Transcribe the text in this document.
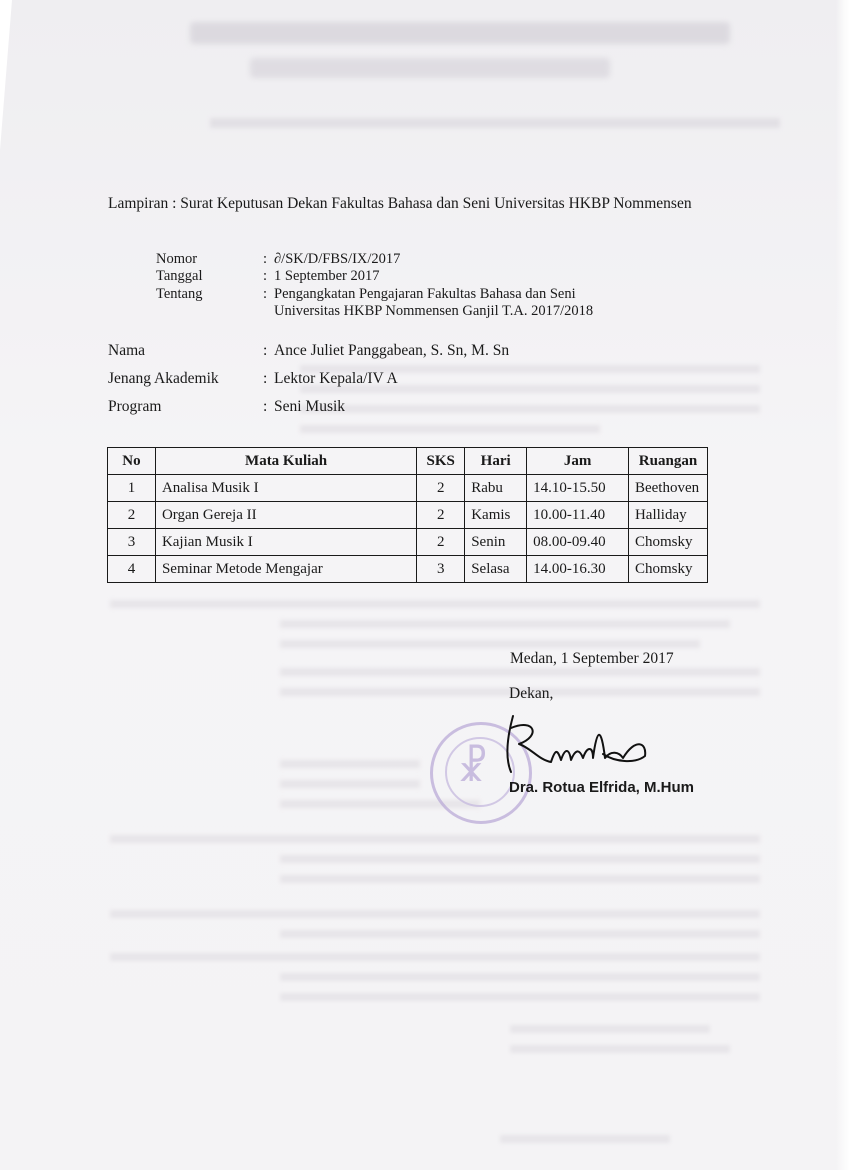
Lampiran : Surat Keputusan Dekan Fakultas Bahasa dan Seni Universitas HKBP Nommensen
Nomor	: ∂/SK/D/FBS/IX/2017
Tanggal	: 1 September 2017
Tentang	: Pengangkatan Pengajaran Fakultas Bahasa dan Seni
Universitas HKBP Nommensen Ganjil T.A. 2017/2018
Nama	: Ance Juliet Panggabean, S. Sn, M. Sn
Jenang Akademik	: Lektor Kepala/IV A
Program	: Seni Musik
No	Mata Kuliah	SKS	Hari	Jam	Ruangan
1	Analisa Musik I	2	Rabu	14.10-15.50	Beethoven
2	Organ Gereja II	2	Kamis	10.00-11.40	Halliday
3	Kajian Musik I	2	Senin	08.00-09.40	Chomsky
4	Seminar Metode Mengajar	3	Selasa	14.00-16.30	Chomsky
Medan, 1 September 2017
Dekan,
☧ Dra. Rotua Elfrida, M.Hum
